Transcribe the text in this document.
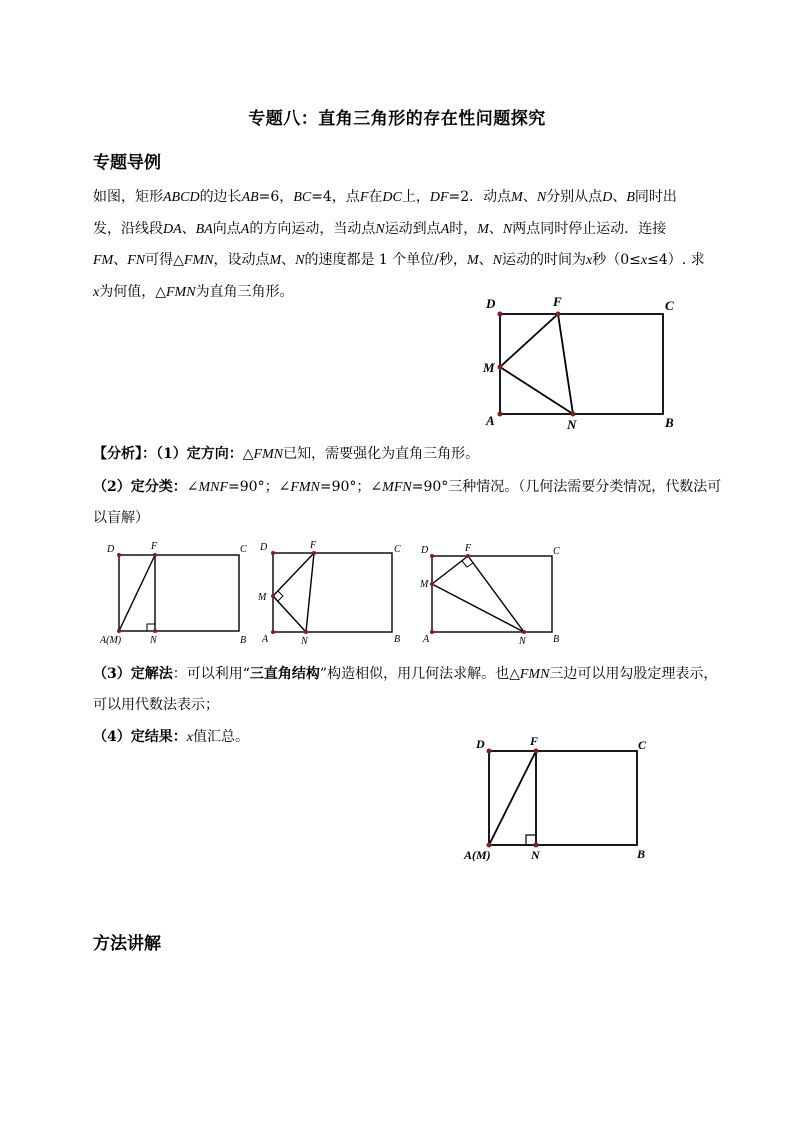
专题八：直角三角形的存在性问题探究
专题导例
如图，矩形ABCD的边长AB=6，BC=4，点F在DC上，DF=2．动点M、N分别从点D、B同时出
发，沿线段DA、BA向点A的方向运动，当动点N运动到点A时，M、N两点同时停止运动．连接
FM、FN可得△FMN，设动点M、N的速度都是 1 个单位/秒，M、N运动的时间为x秒（0≤x≤4）. 求
x为何值，△FMN为直角三角形。
D	F	C
M
A	N	B
【分析】：（1）定方向：△FMN已知，需要强化为直角三角形。
（2）定分类：∠MNF=90°；∠FMN=90°；∠MFN=90°三种情况。（几何法需要分类情况，代数法可
以盲解）
D	F	C
A(M)	N	B
D	F	C
M
A	N	B
D	F	C
M
A	N	B
（3）定解法：可以利用“三直角结构”构造相似，用几何法求解。也△FMN三边可以用勾股定理表示，
可以用代数法表示；
（4）定结果：x值汇总。	D	F	C
A(M)	N	B
方法讲解
